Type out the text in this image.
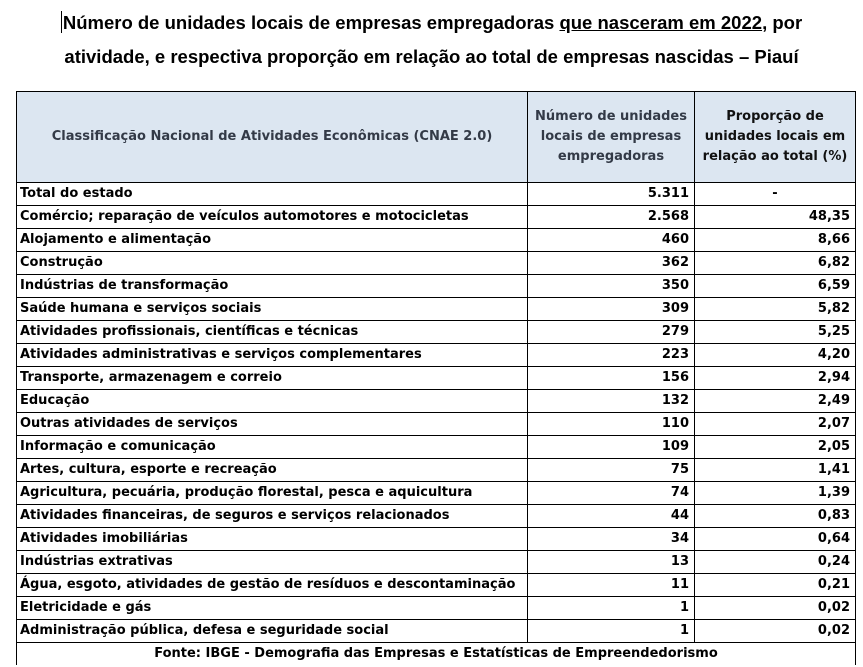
Número de unidades locais de empresas empregadoras que nasceram em 2022, por
atividade, e respectiva proporção em relação ao total de empresas nascidas – Piauí
Classificação Nacional de Atividades Econômicas (CNAE 2.0)	Número de unidades locais de empresas empregadoras	Proporção de unidades locais em relação ao total (%)
Total do estado	5.311	-
Comércio; reparação de veículos automotores e motocicletas	2.568	48,35
Alojamento e alimentação	460	8,66
Construção	362	6,82
Indústrias de transformação	350	6,59
Saúde humana e serviços sociais	309	5,82
Atividades profissionais, científicas e técnicas	279	5,25
Atividades administrativas e serviços complementares	223	4,20
Transporte, armazenagem e correio	156	2,94
Educação	132	2,49
Outras atividades de serviços	110	2,07
Informação e comunicação	109	2,05
Artes, cultura, esporte e recreação	75	1,41
Agricultura, pecuária, produção florestal, pesca e aquicultura	74	1,39
Atividades financeiras, de seguros e serviços relacionados	44	0,83
Atividades imobiliárias	34	0,64
Indústrias extrativas	13	0,24
Água, esgoto, atividades de gestão de resíduos e descontaminação	11	0,21
Eletricidade e gás	1	0,02
Administração pública, defesa e seguridade social	1	0,02
Fonte: IBGE - Demografia das Empresas e Estatísticas de Empreendedorismo		
